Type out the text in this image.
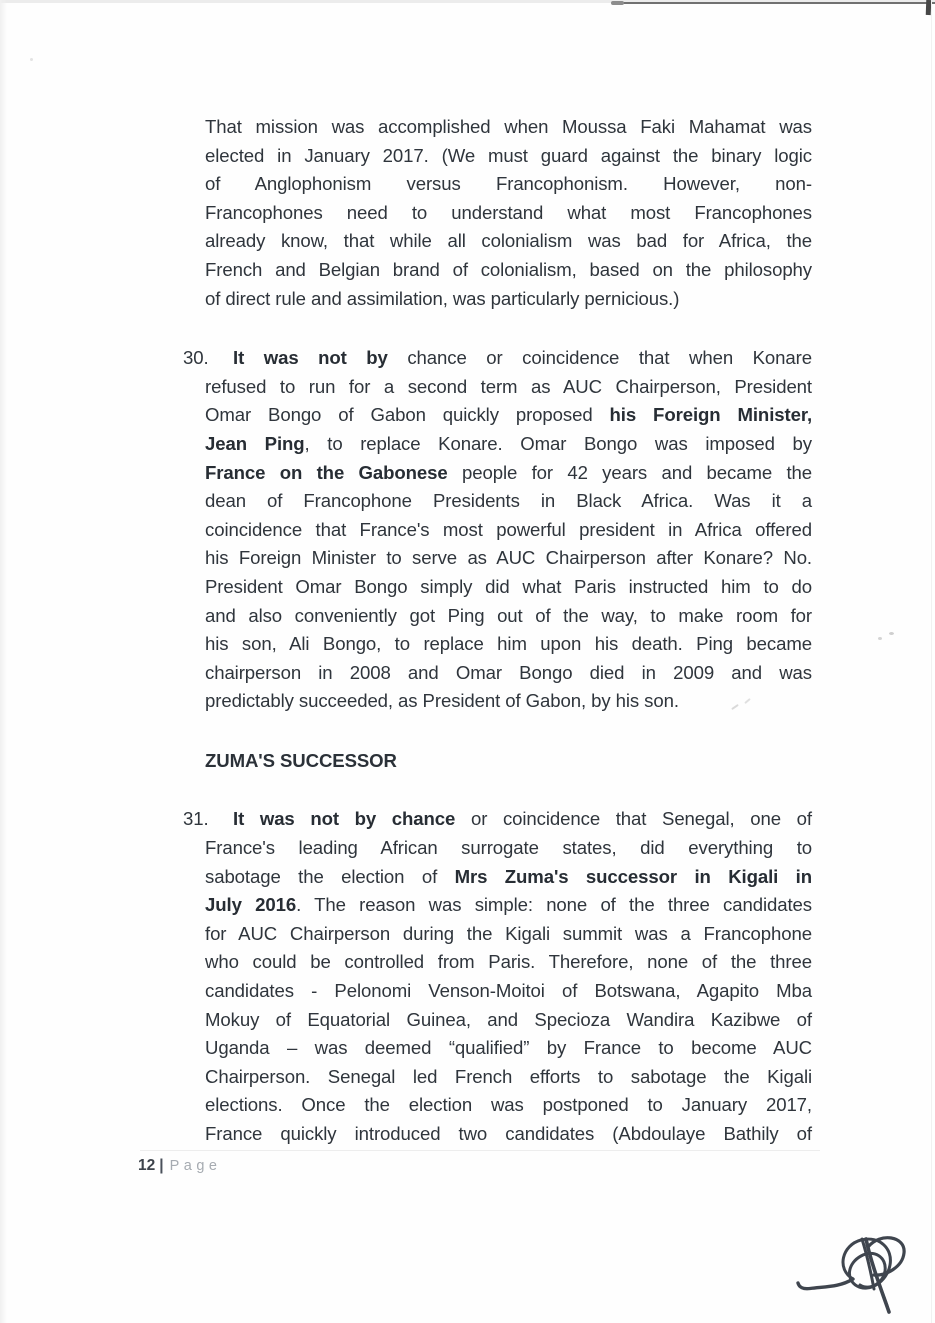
That mission was accomplished when Moussa Faki Mahamat was
elected in January 2017. (We must guard against the binary logic
of Anglophonism versus Francophonism. However, non-
Francophones need to understand what most Francophones
already know, that while all colonialism was bad for Africa, the
French and Belgian brand of colonialism, based on the philosophy
of direct rule and assimilation, was particularly pernicious.)
30.	It was not by chance or coincidence that when Konare
refused to run for a second term as AUC Chairperson, President
Omar Bongo of Gabon quickly proposed his Foreign Minister,
Jean Ping, to replace Konare. Omar Bongo was imposed by
France on the Gabonese people for 42 years and became the
dean of Francophone Presidents in Black Africa. Was it a
coincidence that France's most powerful president in Africa offered
his Foreign Minister to serve as AUC Chairperson after Konare? No.
President Omar Bongo simply did what Paris instructed him to do
and also conveniently got Ping out of the way, to make room for
his son, Ali Bongo, to replace him upon his death. Ping became
chairperson in 2008 and Omar Bongo died in 2009 and was
predictably succeeded, as President of Gabon, by his son.
ZUMA'S SUCCESSOR
31.	It was not by chance or coincidence that Senegal, one of
France's leading African surrogate states, did everything to
sabotage the election of Mrs Zuma's successor in Kigali in
July 2016. The reason was simple: none of the three candidates
for AUC Chairperson during the Kigali summit was a Francophone
who could be controlled from Paris. Therefore, none of the three
candidates - Pelonomi Venson-Moitoi of Botswana, Agapito Mba
Mokuy of Equatorial Guinea, and Specioza Wandira Kazibwe of
Uganda – was deemed “qualified” by France to become AUC
Chairperson. Senegal led French efforts to sabotage the Kigali
elections. Once the election was postponed to January 2017,
France quickly introduced two candidates (Abdoulaye Bathily of
12 | Page
